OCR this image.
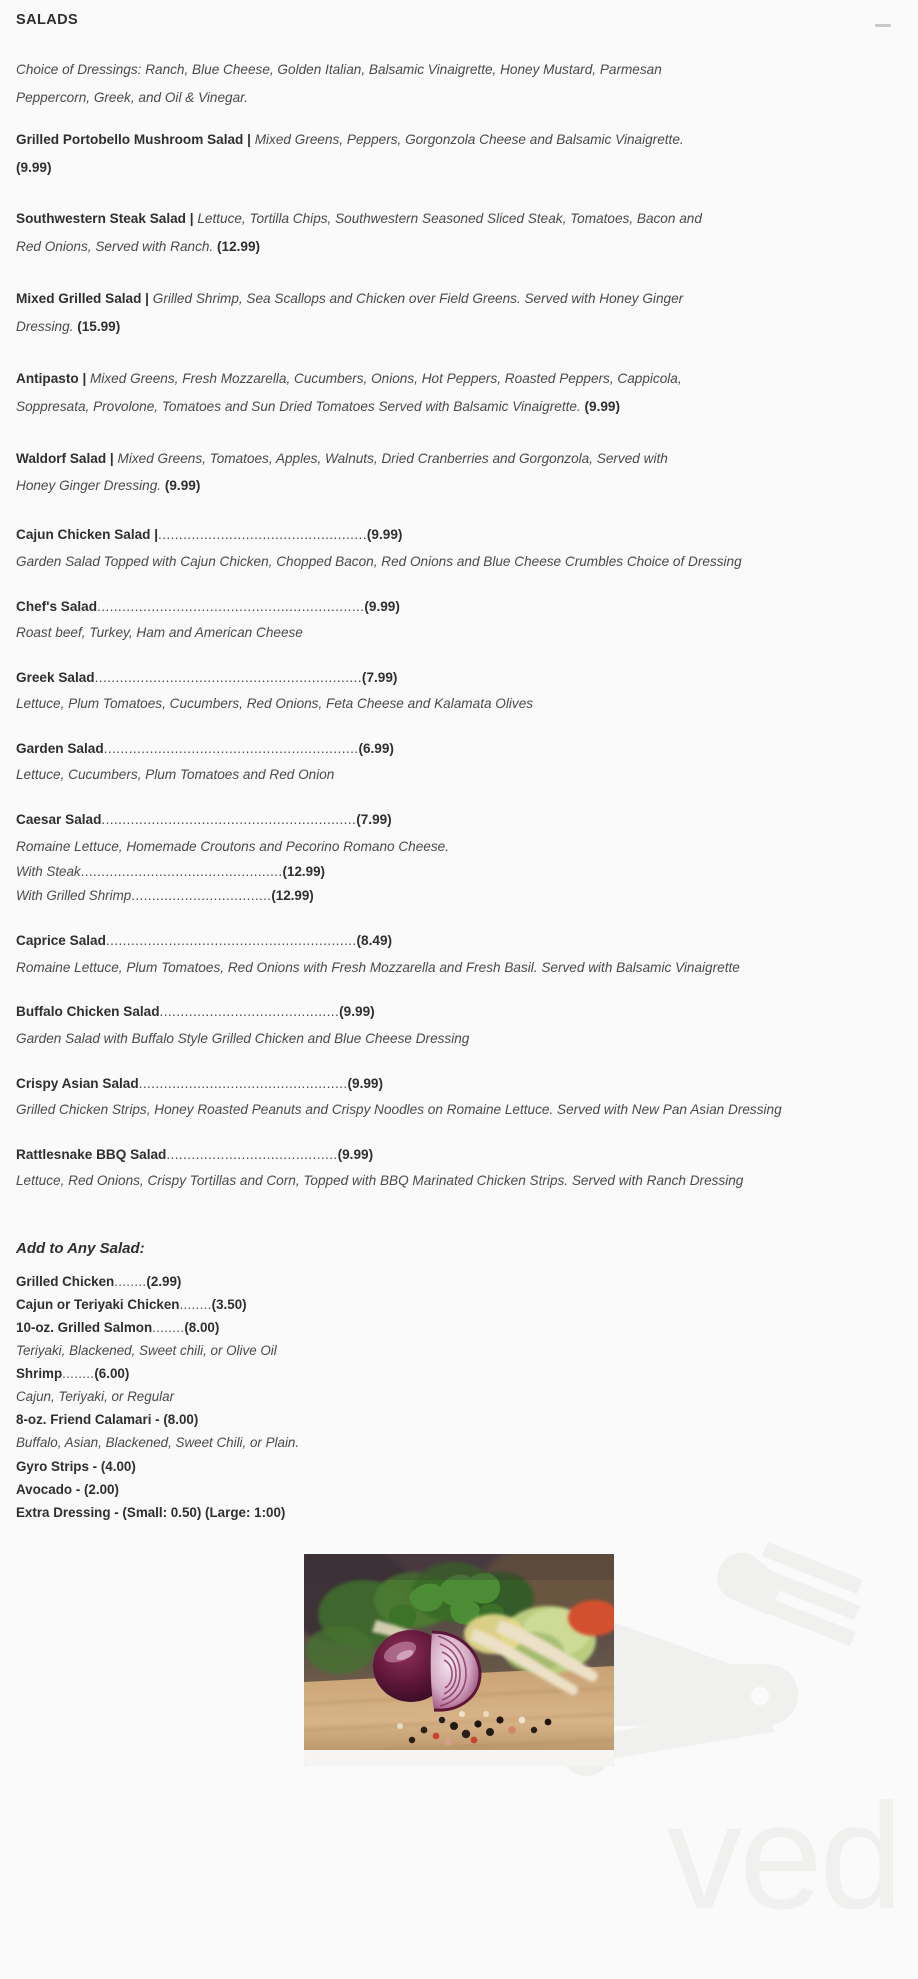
ved
SALADS

Choice of Dressings: Ranch, Blue Cheese, Golden Italian, Balsamic Vinaigrette, Honey Mustard, Parmesan Peppercorn, Greek, and Oil & Vinegar.

Grilled Portobello Mushroom Salad | Mixed Greens, Peppers, Gorgonzola Cheese and Balsamic Vinaigrette. (9.99)

Southwestern Steak Salad | Lettuce, Tortilla Chips, Southwestern Seasoned Sliced Steak, Tomatoes, Bacon and Red Onions, Served with Ranch. (12.99)

Mixed Grilled Salad | Grilled Shrimp, Sea Scallops and Chicken over Field Greens. Served with Honey Ginger Dressing. (15.99)

Antipasto | Mixed Greens, Fresh Mozzarella, Cucumbers, Onions, Hot Peppers, Roasted Peppers, Cappicola, Soppresata, Provolone, Tomatoes and Sun Dried Tomatoes Served with Balsamic Vinaigrette. (9.99)

Waldorf Salad | Mixed Greens, Tomatoes, Apples, Walnuts, Dried Cranberries and Gorgonzola, Served with Honey Ginger Dressing. (9.99)

Cajun Chicken Salad |..................................................(9.99)
Garden Salad Topped with Cajun Chicken, Chopped Bacon, Red Onions and Blue Cheese Crumbles Choice of Dressing
Chef's Salad................................................................(9.99)
Roast beef, Turkey, Ham and American Cheese
Greek Salad................................................................(7.99)
Lettuce, Plum Tomatoes, Cucumbers, Red Onions, Feta Cheese and Kalamata Olives
Garden Salad.............................................................(6.99)
Lettuce, Cucumbers, Plum Tomatoes and Red Onion
Caesar Salad.............................................................(7.99)
Romaine Lettuce, Homemade Croutons and Pecorino Romano Cheese.
With Steak.................................................(12.99)
With Grilled Shrimp..................................(12.99)
Caprice Salad............................................................(8.49)
Romaine Lettuce, Plum Tomatoes, Red Onions with Fresh Mozzarella and Fresh Basil. Served with Balsamic Vinaigrette
Buffalo Chicken Salad...........................................(9.99)
Garden Salad with Buffalo Style Grilled Chicken and Blue Cheese Dressing
Crispy Asian Salad..................................................(9.99)
Grilled Chicken Strips, Honey Roasted Peanuts and Crispy Noodles on Romaine Lettuce. Served with New Pan Asian Dressing
Rattlesnake BBQ Salad.........................................(9.99)
Lettuce, Red Onions, Crispy Tortillas and Corn, Topped with BBQ Marinated Chicken Strips. Served with Ranch Dressing
Add to Any Salad:
Grilled Chicken........(2.99)
Cajun or Teriyaki Chicken........(3.50)
10-oz. Grilled Salmon........(8.00)
Teriyaki, Blackened, Sweet chili, or Olive Oil
Shrimp........(6.00)
Cajun, Teriyaki, or Regular
8-oz. Friend Calamari - (8.00)
Buffalo, Asian, Blackened, Sweet Chili, or Plain.
Gyro Strips - (4.00)
Avocado - (2.00)
Extra Dressing - (Small: 0.50) (Large: 1:00)
